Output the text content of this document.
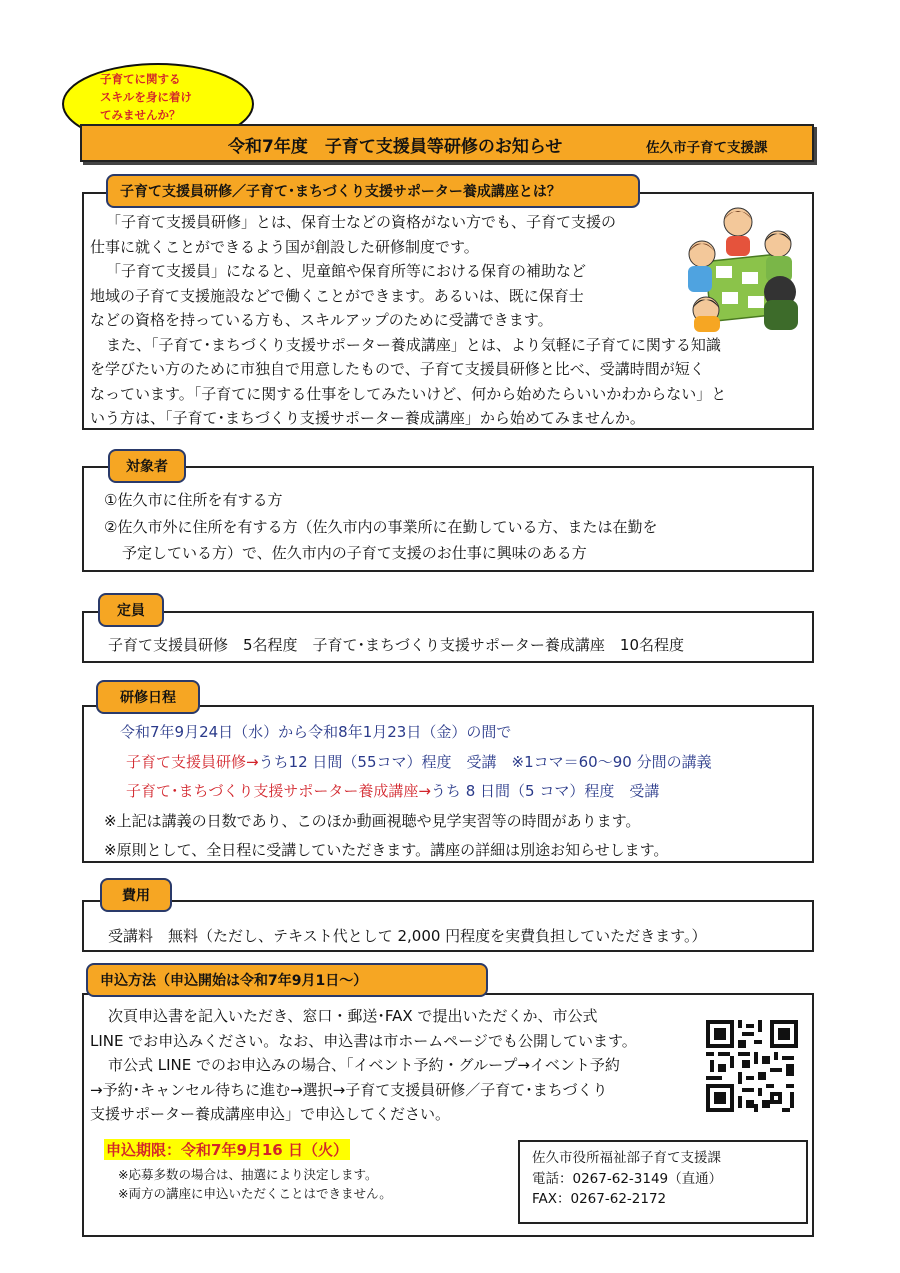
子育てに関する
スキルを身に着け
てみませんか？
令和7年度　子育て支援員等研修のお知らせ	佐久市子育て支援課
子育て支援員研修／子育て･まちづくり支援サポーター養成講座とは？
「子育て支援員研修」とは、保育士などの資格がない方でも、子育て支援の
仕事に就くことができるよう国が創設した研修制度です。
「子育て支援員」になると、児童館や保育所等における保育の補助など
地域の子育て支援施設などで働くことができます。あるいは、既に保育士
などの資格を持っている方も、スキルアップのために受講できます。
また、「子育て･まちづくり支援サポーター養成講座」とは、より気軽に子育てに関する知識
を学びたい方のために市独自で用意したもので、子育て支援員研修と比べ、受講時間が短く
なっています。「子育てに関する仕事をしてみたいけど、何から始めたらいいかわからない」と
いう方は、「子育て･まちづくり支援サポーター養成講座」から始めてみませんか。
対象者
①佐久市に住所を有する方
②佐久市外に住所を有する方（佐久市内の事業所に在勤している方、または在勤を
予定している方）で、佐久市内の子育て支援のお仕事に興味のある方
定員
子育て支援員研修　5名程度　子育て･まちづくり支援サポーター養成講座　10名程度
研修日程
令和7年9月24日（水）から令和8年1月23日（金）の間で
子育て支援員研修→うち12 日間（55コマ）程度　受講　※1コマ＝60～90 分間の講義
子育て･まちづくり支援サポーター養成講座→うち 8 日間（5 コマ）程度　受講
※上記は講義の日数であり、このほか動画視聴や見学実習等の時間があります。
※原則として、全日程に受講していただきます。講座の詳細は別途お知らせします。
費用
受講料　無料（ただし、テキスト代として 2,000 円程度を実費負担していただきます。）
申込方法（申込開始は令和7年9月1日～）
次頁申込書を記入いただき、窓口・郵送･FAX で提出いただくか、市公式
LINE でお申込みください。なお、申込書は市ホームページでも公開しています。
市公式 LINE でのお申込みの場合、「イベント予約・グループ→イベント予約
→予約･キャンセル待ちに進む→選択→子育て支援員研修／子育て･まちづくり
支援サポーター養成講座申込」で申込してください。
申込期限：令和7年9月16 日（火）
※応募多数の場合は、抽選により決定します。
※両方の講座に申込いただくことはできません。
佐久市役所福祉部子育て支援課
電話：0267-62-3149（直通）
FAX：0267-62-2172
